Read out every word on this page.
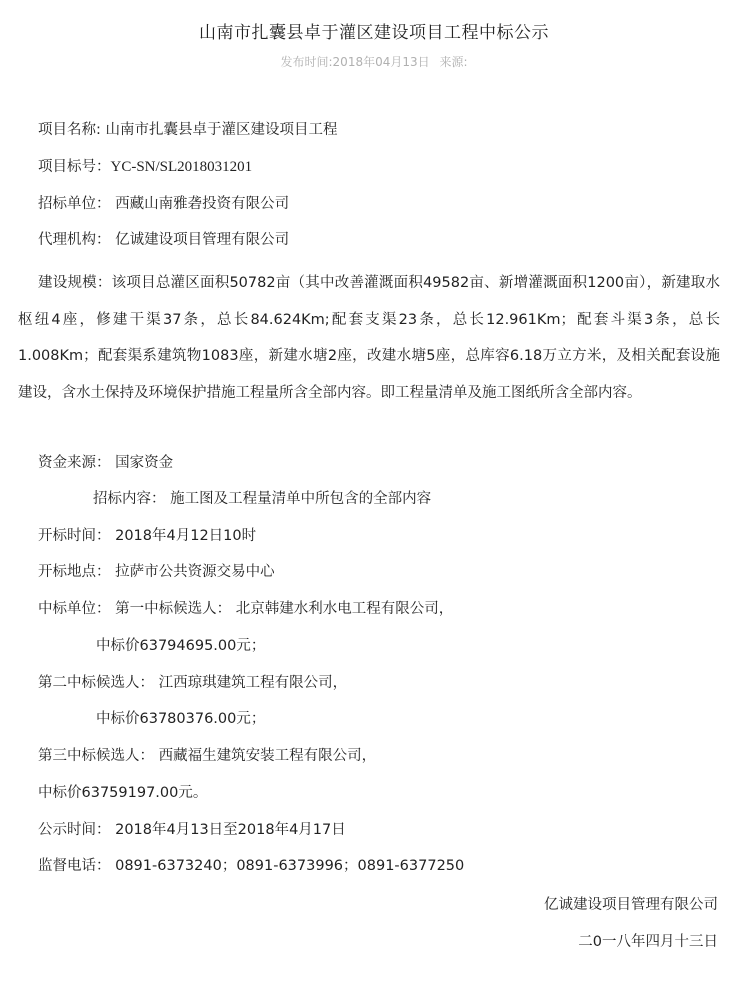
山南市扎囊县卓于灌区建设项目工程中标公示
发布时间:2018年04月13日 来源:
项目名称: 山南市扎囊县卓于灌区建设项目工程
项目标号：YC-SN/SL2018031201
招标单位： 西藏山南雅砻投资有限公司
代理机构： 亿诚建设项目管理有限公司
建设规模：该项目总灌区面积50782亩（其中改善灌溉面积49582亩、新增灌溉面积1200亩），新建取水枢纽4座，修建干渠37条，总长84.624Km;配套支渠23条，总长12.961Km；配套斗渠3条，总长1.008Km；配套渠系建筑物1083座，新建水塘2座，改建水塘5座，总库容6.18万立方米，及相关配套设施建设，含水土保持及环境保护措施工程量所含全部内容。即工程量清单及施工图纸所含全部内容。
资金来源： 国家资金
招标内容： 施工图及工程量清单中所包含的全部内容
开标时间： 2018年4月12日10时
开标地点： 拉萨市公共资源交易中心
中标单位： 第一中标候选人： 北京韩建水利水电工程有限公司，
中标价63794695.00元；
第二中标候选人： 江西琼琪建筑工程有限公司，
中标价63780376.00元；
第三中标候选人： 西藏福生建筑安装工程有限公司，
中标价63759197.00元。
公示时间： 2018年4月13日至2018年4月17日
监督电话： 0891-6373240；0891-6373996；0891-6377250
亿诚建设项目管理有限公司
二0一八年四月十三日
